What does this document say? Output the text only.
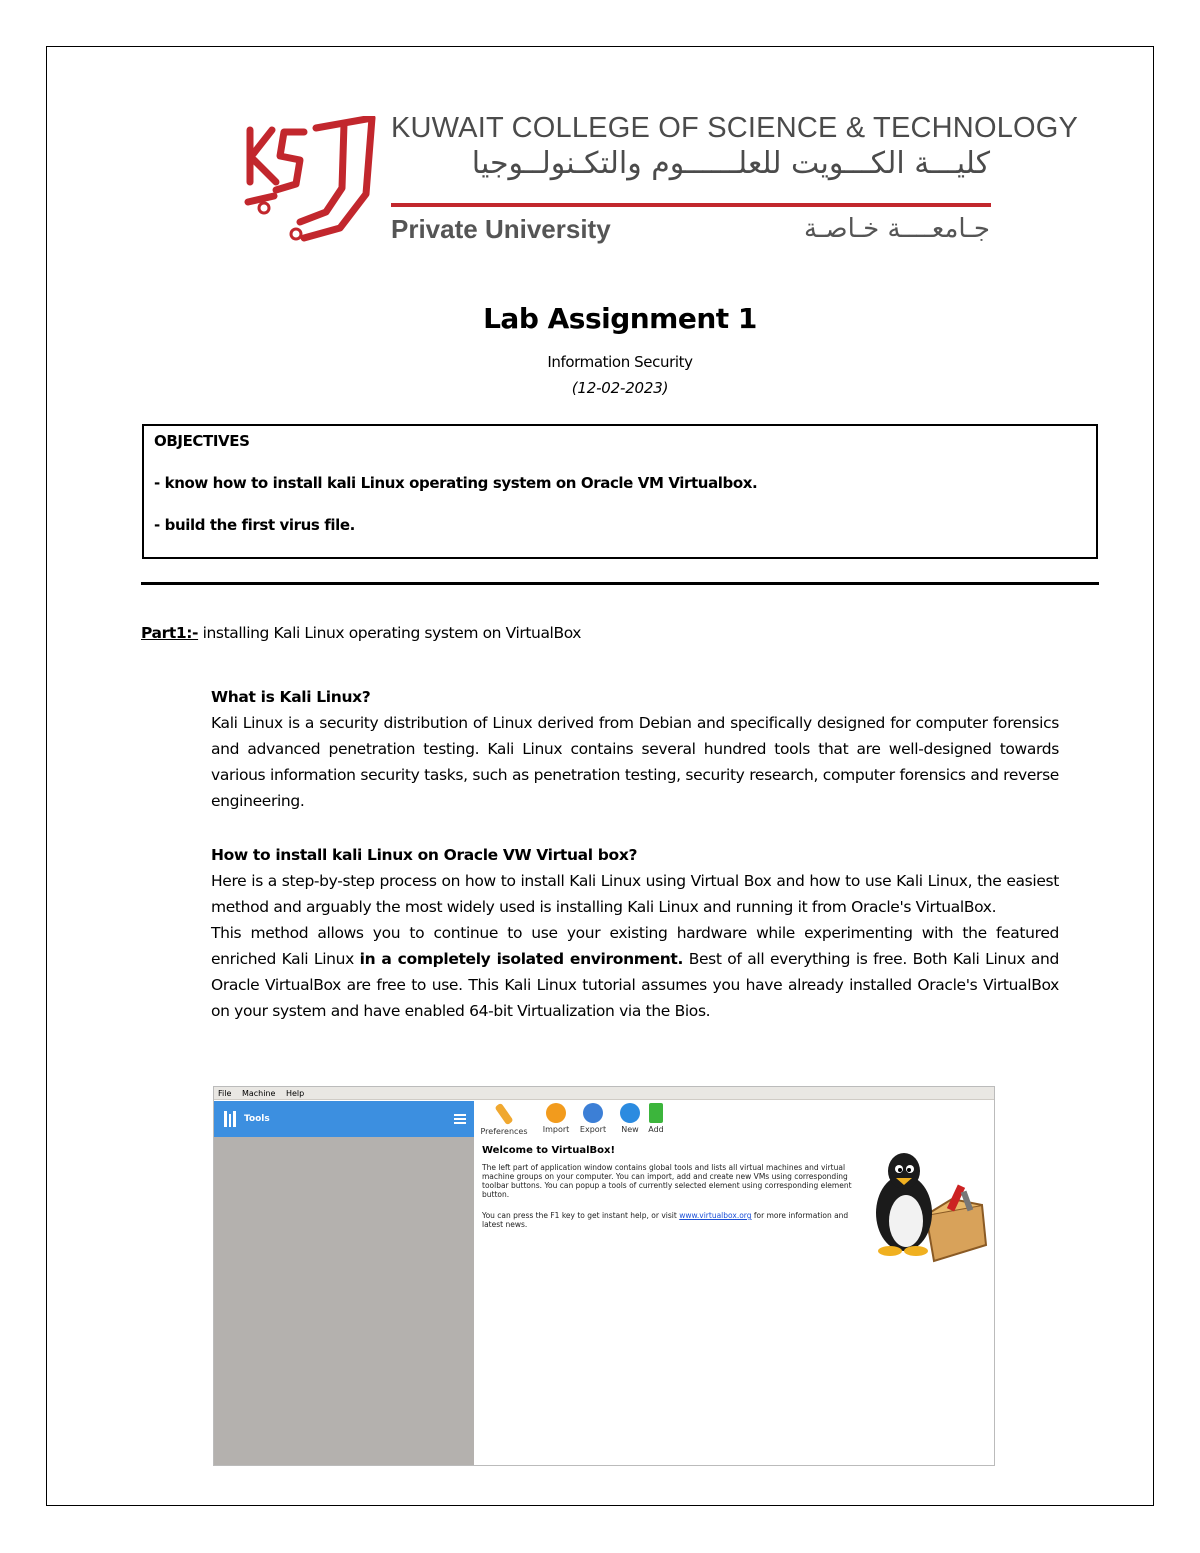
KUWAIT COLLEGE OF SCIENCE & TECHNOLOGY
كليـــة الكـــويت للعلــــــوم والتكـنولــوجيا
Private University	جـامعــــة خـاصـة
Lab Assignment 1
Information Security
(12-02-2023)
OBJECTIVES
- know how to install kali Linux operating system on Oracle VM Virtualbox.
- build the first virus file.
Part1:- installing Kali Linux operating system on VirtualBox
What is Kali Linux?
Kali Linux is a security distribution of Linux derived from Debian and specifically designed for computer forensics and advanced penetration testing. Kali Linux contains several hundred tools that are well-designed towards various information security tasks, such as penetration testing, security research, computer forensics and reverse engineering.
How to install kali Linux on Oracle VW Virtual box?
Here is a step-by-step process on how to install Kali Linux using Virtual Box and how to use Kali Linux, the easiest method and arguably the most widely used is installing Kali Linux and running it from Oracle's VirtualBox.
This method allows you to continue to use your existing hardware while experimenting with the featured enriched Kali Linux in a completely isolated environment. Best of all everything is free. Both Kali Linux and Oracle VirtualBox are free to use. This Kali Linux tutorial assumes you have already installed Oracle's VirtualBox on your system and have enabled 64-bit Virtualization via the Bios.
File Machine Help
Tools
Preferences	Import Export	New	Add
Welcome to VirtualBox!
The left part of application window contains global tools and lists all virtual machines and virtual machine groups on your computer. You can import, add and create new VMs using corresponding toolbar buttons. You can popup a tools of currently selected element using corresponding element button.
You can press the F1 key to get instant help, or visit www.virtualbox.org for more information and latest news.
